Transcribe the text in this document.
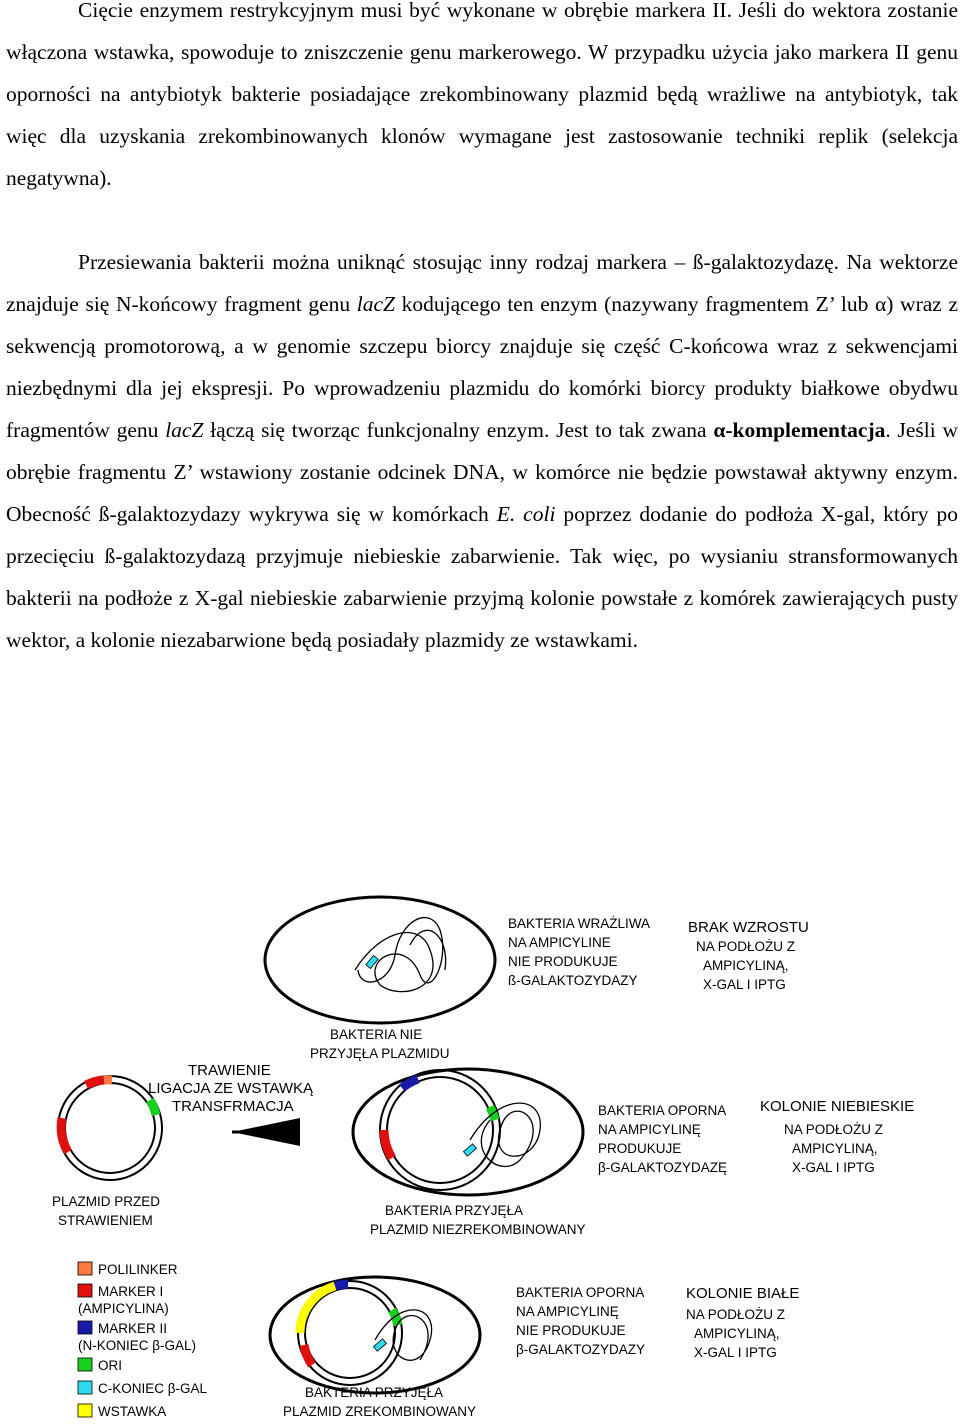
Cięcie enzymem restrykcyjnym musi być wykonane w obrębie markera II. Jeśli do wektora zostanie włączona wstawka, spowoduje to zniszczenie genu markerowego. W przypadku użycia jako markera II genu oporności na antybiotyk bakterie posiadające zrekombinowany plazmid będą wrażliwe na antybiotyk, tak więc dla uzyskania zrekombinowanych klonów wymagane jest zastosowanie techniki replik (selekcja negatywna).

Przesiewania bakterii można uniknąć stosując inny rodzaj markera – ß-galaktozydazę. Na wektorze znajduje się N-końcowy fragment genu lacZ kodującego ten enzym (nazywany fragmentem Z’ lub α) wraz z sekwencją promotorową, a w genomie szczepu biorcy znajduje się część C-końcowa wraz z sekwencjami niezbędnymi dla jej ekspresji. Po wprowadzeniu plazmidu do komórki biorcy produkty białkowe obydwu fragmentów genu lacZ łączą się tworząc funkcjonalny enzym. Jest to tak zwana α-komplementacja. Jeśli w obrębie fragmentu Z’ wstawiony zostanie odcinek DNA, w komórce nie będzie powstawał aktywny enzym. Obecność ß-galaktozydazy wykrywa się w komórkach E. coli poprzez dodanie do podłoża X-gal, który po przecięciu ß-galaktozydazą przyjmuje niebieskie zabarwienie. Tak więc, po wysianiu stransformowanych bakterii na podłoże z X-gal niebieskie zabarwienie przyjmą kolonie powstałe z komórek zawierających pusty wektor, a kolonie niezabarwione będą posiadały plazmidy ze wstawkami.

BAKTERIA WRAŻLIWA
NA AMPICYLINE
NIE PRODUKUJE
ß-GALAKTOZYDAZY
BRAK WZROSTU
NA PODŁOŻU Z
AMPICYLINĄ,
X-GAL I IPTG
BAKTERIA NIE
PRZYJĘŁA PLAZMIDU
TRAWIENIE
LIGACJA ZE WSTAWKĄ
TRANSFRMACJA
PLAZMID PRZED
STRAWIENIEM
BAKTERIA OPORNA
NA AMPICYLINĘ
PRODUKUJE
β-GALAKTOZYDAZĘ
KOLONIE NIEBIESKIE
NA PODŁOŻU Z
AMPICYLINĄ,
X-GAL I IPTG
BAKTERIA PRZYJĘŁA
PLAZMID NIEZREKOMBINOWANY
BAKTERIA OPORNA
NA AMPICYLINĘ
NIE PRODUKUJE
β-GALAKTOZYDAZY
KOLONIE BIAŁE
NA PODŁOŻU Z
AMPICYLINĄ,
X-GAL I IPTG
BAKTERIA PRZYJĘŁA
PLAZMID ZREKOMBINOWANY
POLILINKER
MARKER I
(AMPICYLINA)
MARKER II
(N-KONIEC β-GAL)
ORI
C-KONIEC β-GAL
WSTAWKA
